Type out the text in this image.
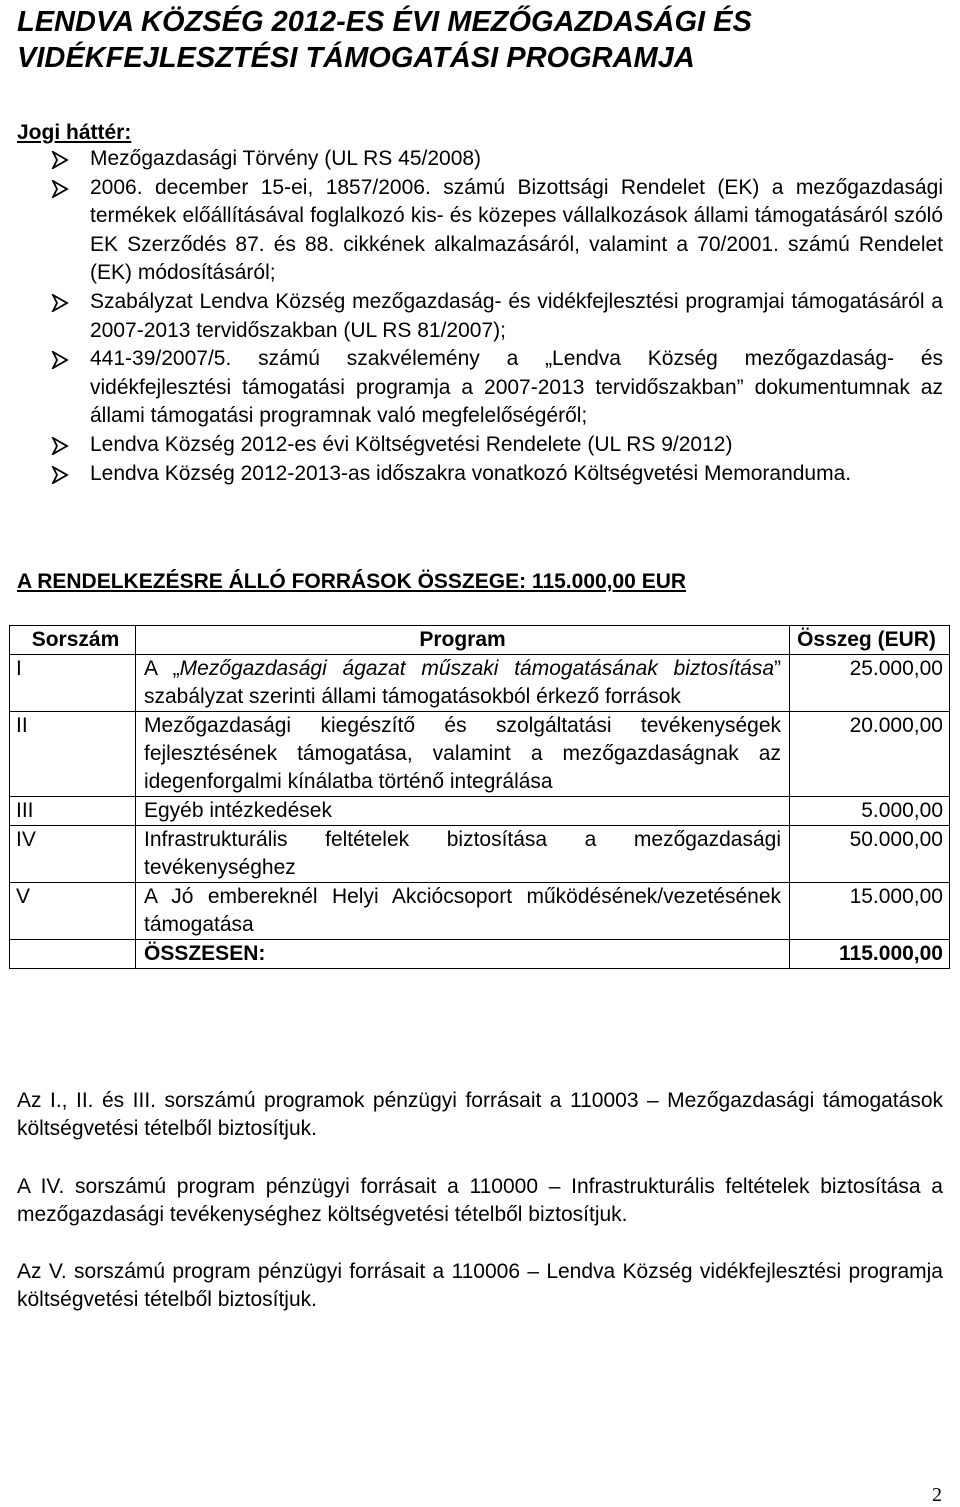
LENDVA KÖZSÉG 2012-ES ÉVI MEZŐGAZDASÁGI ÉS VIDÉKFEJLESZTÉSI TÁMOGATÁSI PROGRAMJA

Jogi háttér:

Mezőgazdasági Törvény (UL RS 45/2008)
2006. december 15-ei, 1857/2006. számú Bizottsági Rendelet (EK) a mezőgazdasági termékek előállításával foglalkozó kis- és közepes vállalkozások állami támogatásáról szóló EK Szerződés 87. és 88. cikkének alkalmazásáról, valamint a 70/2001. számú Rendelet (EK) módosításáról;
Szabályzat Lendva Község mezőgazdaság- és vidékfejlesztési programjai támogatásáról a 2007-2013 tervidőszakban (UL RS 81/2007);
441-39/2007/5. számú szakvélemény a „Lendva Község mezőgazdaság- és vidékfejlesztési támogatási programja a 2007-2013 tervidőszakban” dokumentumnak az állami támogatási programnak való megfelelőségéről;
Lendva Község 2012-es évi Költségvetési Rendelete (UL RS 9/2012)
Lendva Község 2012-2013-as időszakra vonatkozó Költségvetési Memoranduma.

A RENDELKEZÉSRE ÁLLÓ FORRÁSOK ÖSSZEGE: 115.000,00 EUR

Sorszám	Program	Összeg (EUR)
I	A „Mezőgazdasági ágazat műszaki támogatásának biztosítása” szabályzat szerinti állami támogatásokból érkező források	25.000,00
II	Mezőgazdasági kiegészítő és szolgáltatási tevékenységek fejlesztésének támogatása, valamint a mezőgazdaságnak az idegenforgalmi kínálatba történő integrálása	20.000,00
III	Egyéb intézkedések	5.000,00
IV	Infrastrukturális feltételek biztosítása a mezőgazdasági tevékenységhez	50.000,00
V	A Jó embereknél Helyi Akciócsoport működésének/vezetésének támogatása	15.000,00
	ÖSSZESEN:	115.000,00

Az I., II. és III. sorszámú programok pénzügyi forrásait a 110003 – Mezőgazdasági támogatások költségvetési tételből biztosítjuk.

A IV. sorszámú program pénzügyi forrásait a 110000 – Infrastrukturális feltételek biztosítása a mezőgazdasági tevékenységhez költségvetési tételből biztosítjuk.

Az V. sorszámú program pénzügyi forrásait a 110006 – Lendva Község vidékfejlesztési programja költségvetési tételből biztosítjuk.

2
